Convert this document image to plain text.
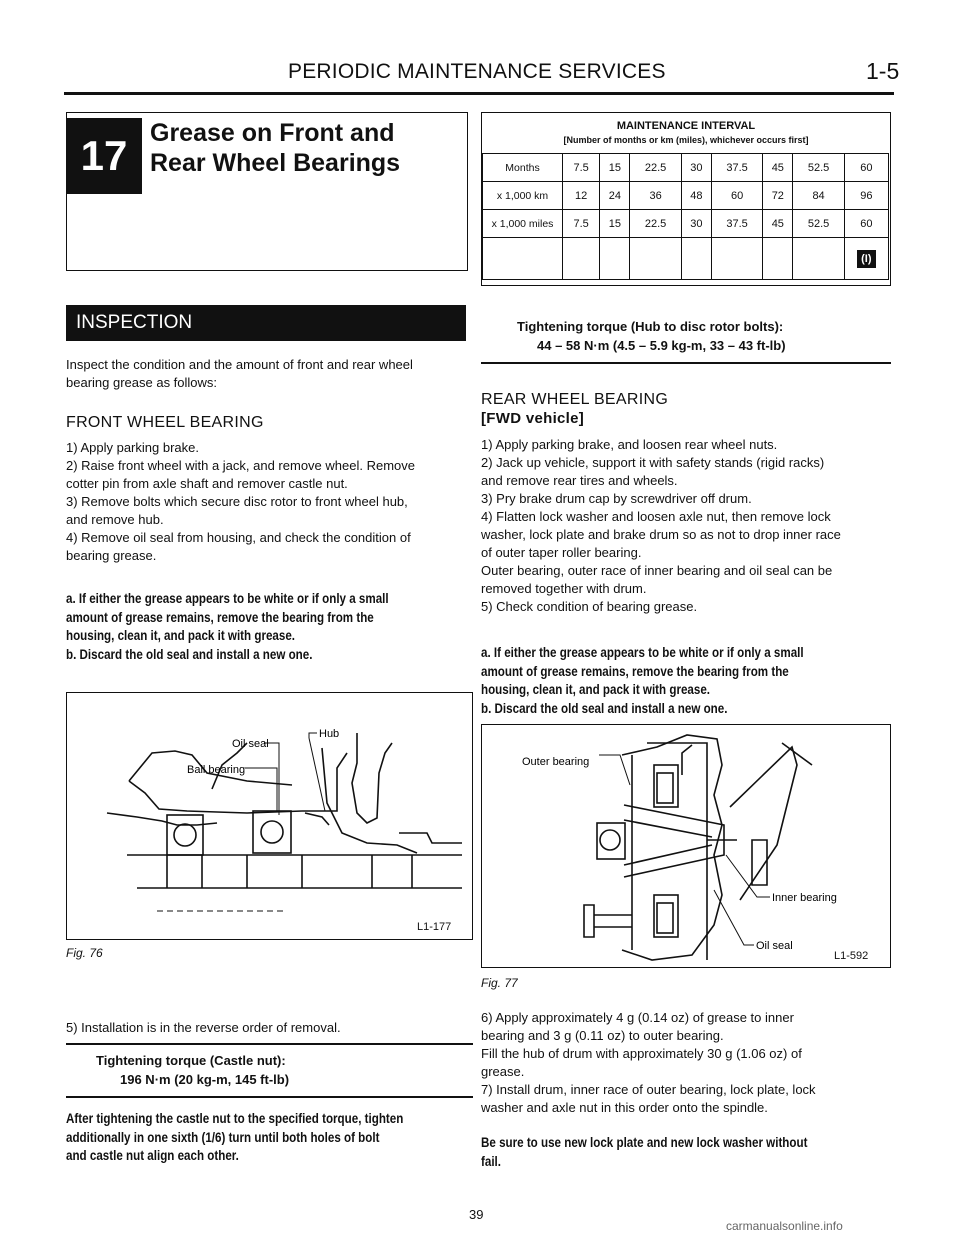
PERIODIC MAINTENANCE SERVICES	1-5
17 Grease on Front and
Rear Wheel Bearings
INSPECTION
Inspect the condition and the amount of front and rear wheel
bearing grease as follows:
FRONT WHEEL BEARING
1) Apply parking brake.
2) Raise front wheel with a jack, and remove wheel. Remove
cotter pin from axle shaft and remover castle nut.
3) Remove bolts which secure disc rotor to front wheel hub,
and remove hub.
4) Remove oil seal from housing, and check the condition of
bearing grease.
a. If either the grease appears to be white or if only a small
amount of grease remains, remove the bearing from the
housing, clean it, and pack it with grease.
b. Discard the old seal and install a new one.
Oil seal
Hub
Ball bearing
L1-177
Fig. 76
5) Installation is in the reverse order of removal.
Tightening torque (Castle nut):
196 N·m (20 kg-m, 145 ft-lb)
After tightening the castle nut to the specified torque, tighten
additionally in one sixth (1/6) turn until both holes of bolt
and castle nut align each other.
MAINTENANCE INTERVAL
[Number of months or km (miles), whichever occurs first]
Months	7.5	15	22.5	30	37.5	45	52.5	60
x 1,000 km	12	24	36	48	60	72	84	96
x 1,000 miles	7.5	15	22.5	30	37.5	45	52.5	60
								(I)
Tightening torque (Hub to disc rotor bolts):
44 – 58 N·m (4.5 – 5.9 kg-m, 33 – 43 ft-lb)
REAR WHEEL BEARING
[FWD vehicle]
1) Apply parking brake, and loosen rear wheel nuts.
2) Jack up vehicle, support it with safety stands (rigid racks)
and remove rear tires and wheels.
3) Pry brake drum cap by screwdriver off drum.
4) Flatten lock washer and loosen axle nut, then remove lock
washer, lock plate and brake drum so as not to drop inner race
of outer taper roller bearing.
Outer bearing, outer race of inner bearing and oil seal can be
removed together with drum.
5) Check condition of bearing grease.
a. If either the grease appears to be white or if only a small
amount of grease remains, remove the bearing from the
housing, clean it, and pack it with grease.
b. Discard the old seal and install a new one.
Outer bearing
Inner bearing
Oil seal
L1-592
Fig. 77
6) Apply approximately 4 g (0.14 oz) of grease to inner
bearing and 3 g (0.11 oz) to outer bearing.
Fill the hub of drum with approximately 30 g (1.06 oz) of
grease.
7) Install drum, inner race of outer bearing, lock plate, lock
washer and axle nut in this order onto the spindle.
Be sure to use new lock plate and new lock washer without
fail.
39
carmanualsonline.info
